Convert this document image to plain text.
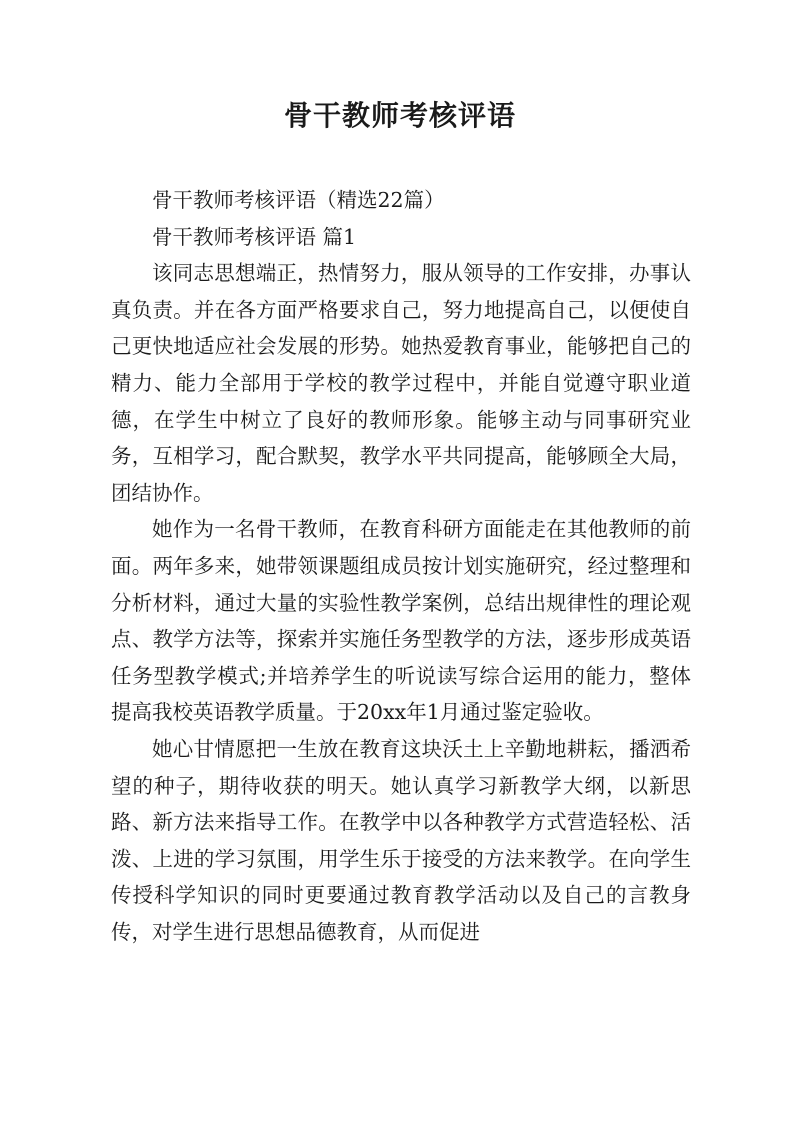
骨干教师考核评语

骨干教师考核评语（精选22篇）

骨干教师考核评语 篇1

该同志思想端正，热情努力，服从领导的工作安排，办事认真负责。并在各方面严格要求自己，努力地提高自己，以便使自己更快地适应社会发展的形势。她热爱教育事业，能够把自己的精力、能力全部用于学校的教学过程中，并能自觉遵守职业道德，在学生中树立了良好的教师形象。能够主动与同事研究业务，互相学习，配合默契，教学水平共同提高，能够顾全大局，团结协作。

她作为一名骨干教师，在教育科研方面能走在其他教师的前面。两年多来，她带领课题组成员按计划实施研究，经过整理和分析材料，通过大量的实验性教学案例，总结出规律性的理论观点、教学方法等，探索并实施任务型教学的方法，逐步形成英语任务型教学模式;并培养学生的听说读写综合运用的能力，整体提高我校英语教学质量。于20xx年1月通过鉴定验收。

她心甘情愿把一生放在教育这块沃土上辛勤地耕耘，播洒希望的种子，期待收获的明天。她认真学习新教学大纲，以新思路、新方法来指导工作。在教学中以各种教学方式营造轻松、活泼、上进的学习氛围，用学生乐于接受的方法来教学。在向学生传授科学知识的同时更要通过教育教学活动以及自己的言教身传，对学生进行思想品德教育，从而促进
